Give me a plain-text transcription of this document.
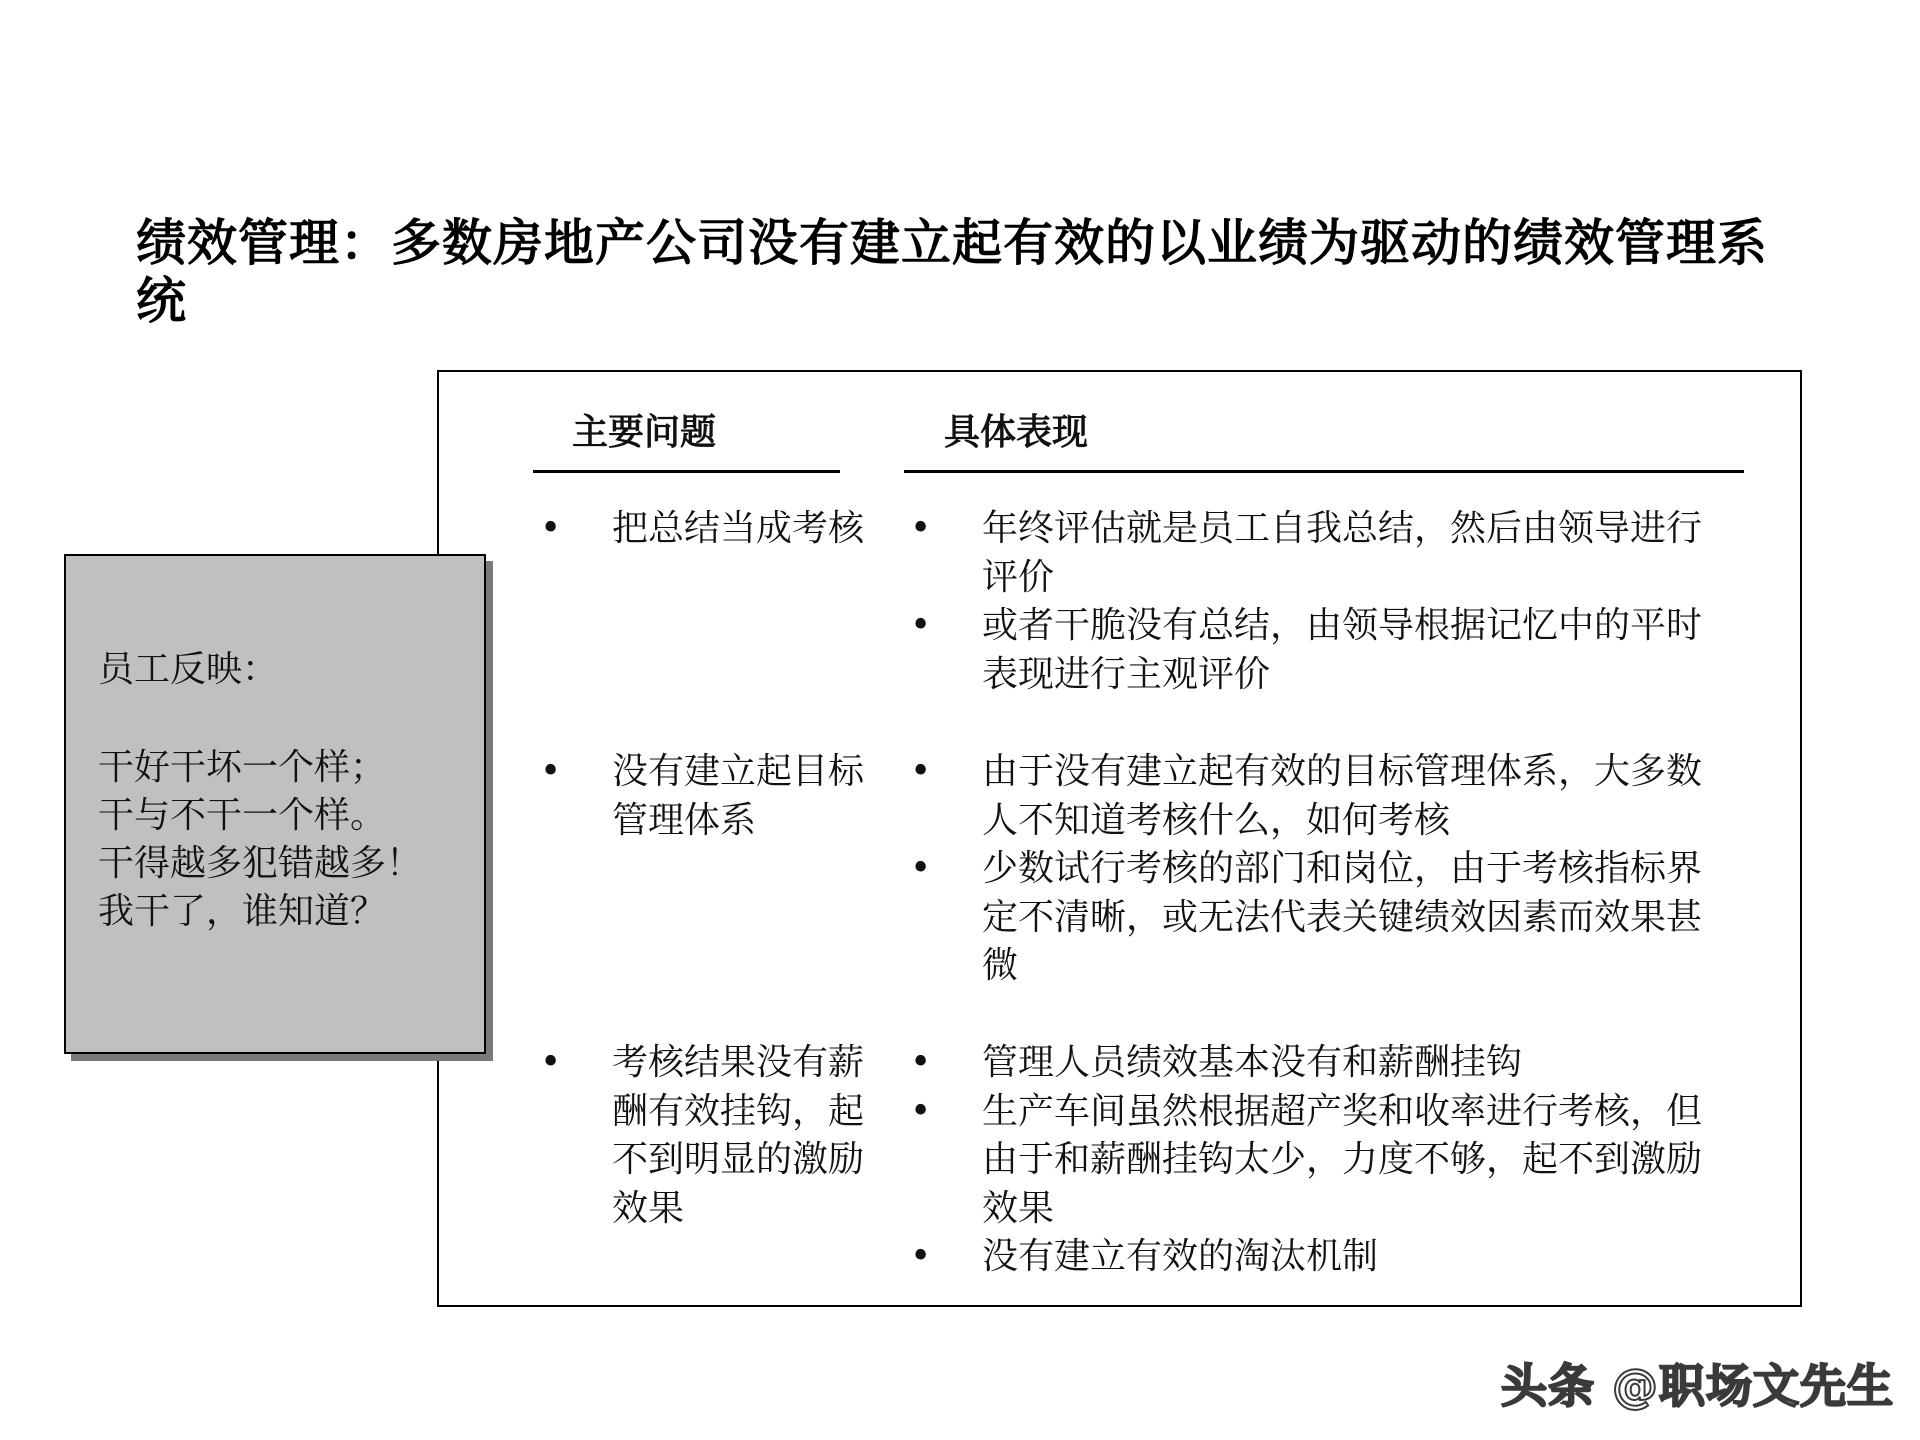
绩效管理：多数房地产公司没有建立起有效的以业绩为驱动的绩效管理系统
主要问题	具体表现
• 把总结当成考核	• 年终评估就是员工自我总结，然后由领导进行评价
• 或者干脆没有总结，由领导根据记忆中的平时表现进行主观评价
• 没有建立起目标管理体系
• 由于没有建立起有效的目标管理体系，大多数人不知道考核什么，如何考核
• 少数试行考核的部门和岗位，由于考核指标界定不清晰，或无法代表关键绩效因素而效果甚微
• 考核结果没有薪酬有效挂钩，起不到明显的激励效果
• 管理人员绩效基本没有和薪酬挂钩
• 生产车间虽然根据超产奖和收率进行考核，但由于和薪酬挂钩太少，力度不够，起不到激励效果
• 没有建立有效的淘汰机制
员工反映：
干好干坏一个样；
干与不干一个样。
干得越多犯错越多！
我干了，谁知道？
头条 @职场文先生
